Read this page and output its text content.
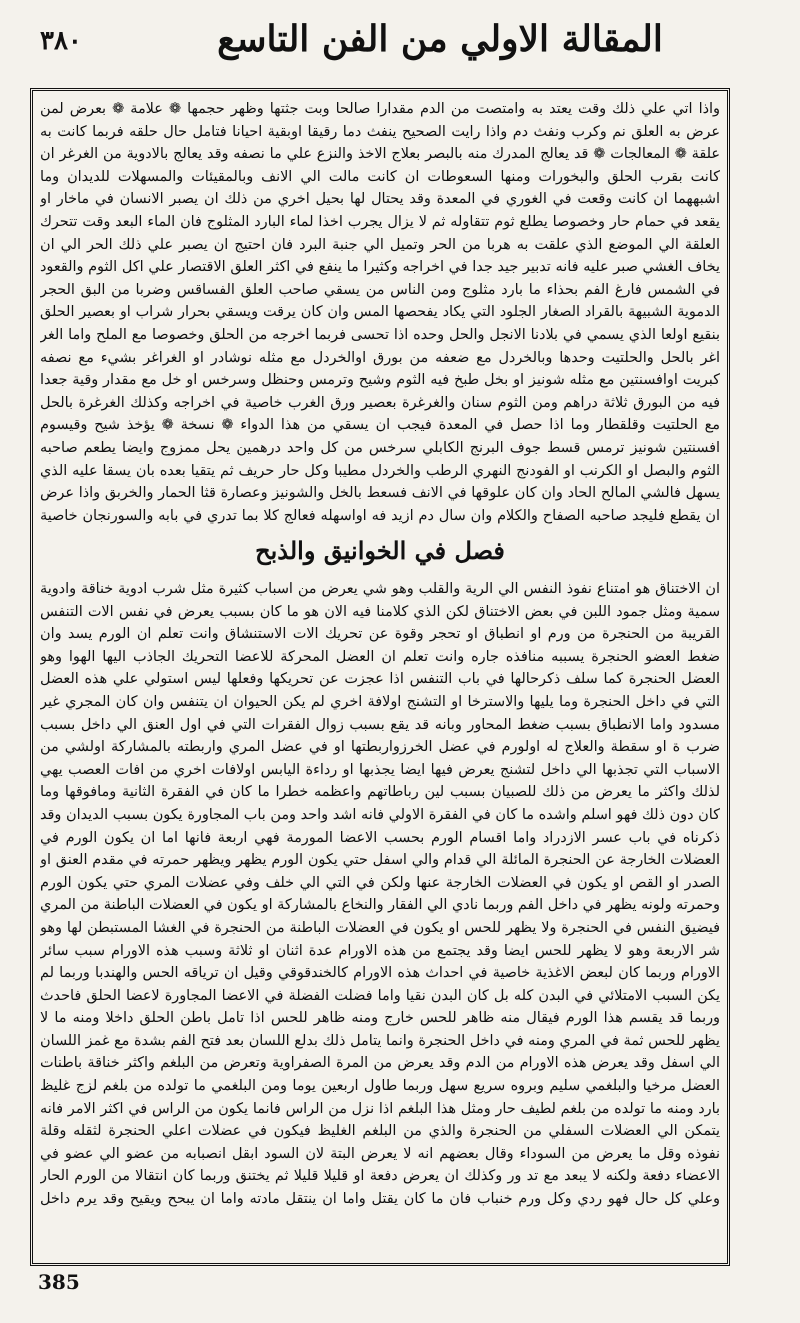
٣٨٠	المقالة الاولي من الفن التاسع

واذا اتي علي ذلك وقت يعتد به وامتصت من الدم مقدارا صالحا وبت جثتها وظهر حجمها ❁ علامة ❁ بعرض لمن عرض به العلق نم وكرب ونفث دم واذا رايت الصحيح ينفث دما رقيقا اوبقية احيانا فتامل حال حلقه فربما كانت به علقة ❁ المعالجات ❁ قد يعالج المدرك منه بالبصر بعلاج الاخذ والنزع علي ما نصفه وقد يعالج بالادوية من الغرغر ان كانت بقرب الحلق والبخورات ومنها السعوطات ان كانت مالت الي الانف وبالمقيئات والمسهلات للديدان وما اشبههما ان كانت وقعت في الغوري في المعدة وقد يحتال لها بحيل اخري من ذلك ان يصبر الانسان في ماخار او يقعد في حمام حار وخصوصا يطلع ثوم تتقاوله ثم لا يزال يجرب اخذا لماء البارد المثلوج فان الماء البعد وقت تتحرك العلقة الي الموضع الذي علقت به هربا من الحر وتميل الي جنبة البرد فان احتيج ان يصبر علي ذلك الحر الي ان يخاف الغشي صبر عليه فانه تدبير جيد جدا في اخراجه وكثيرا ما ينفع في اكثر العلق الاقتصار علي اكل الثوم والقعود في الشمس فارغ الفم بحذاء ما بارد مثلوج ومن الناس من يسقي صاحب العلق الفساقس وضربا من البق الحجر الدموية الشبيهة بالقراد الصغار الجلود التي يكاد يفحصها المس وان كان يرقت ويسقي بحرار شراب او بعصير الحلق بنقيع اولعا الذي يسمي في بلادنا الانجل والحل وحده اذا تحسى فربما اخرجه من الحلق وخصوصا مع الملح واما الغر اغر بالحل والحلتيت وحدها وبالخردل مع ضعفه من بورق اوالخردل مع مثله نوشادر او الغراغر بشيء مع نصفه كبريت اوافسنتين مع مثله شونيز او بخل طبخ فيه الثوم وشيح وترمس وحنظل وسرخس او خل مع مقدار وقية جعدا فيه من البورق ثلاثة دراهم ومن الثوم سنان والغرغرة بعصير ورق الغرب خاصية في اخراجه وكذلك الغرغرة بالحل مع الحلتيت وقلقطار وما اذا حصل في المعدة فيجب ان يسقي من هذا الدواء ❁ نسخة ❁ يؤخذ شيح وقيسوم افسنتين شونيز ترمس قسط جوف البرنج الكابلي سرخس من كل واحد درهمين يحل ممزوج وايضا يطعم صاحبه الثوم والبصل او الكرنب او الفودنج النهري الرطب والخردل مطيبا وكل حار حريف ثم يتقيا بعده بان يسقا عليه الذي يسهل فالشي المالح الحاد وان كان علوقها في الانف فسعط بالخل والشونيز وعصارة قثا الحمار والخربق واذا عرض ان يقطع فليجد صاحبه الصفاح والكلام وان سال دم ازيد فه اواسهله فعالج كلا بما تدري في بابه والسورنجان خاصية

فصل في الخوانيق والذبح

ان الاختناق هو امتناع نفوذ النفس الي الرية والقلب وهو شي يعرض من اسباب كثيرة مثل شرب ادوية خناقة وادوية سمية ومثل جمود اللبن في بعض الاختناق لكن الذي كلامنا فيه الان هو ما كان بسبب يعرض في نفس الات التنفس القريبة من الحنجرة من ورم او انطباق او تحجر وقوة عن تحريك الات الاستنشاق وانت تعلم ان الورم يسد وان ضغط العضو الحنجرة يسببه منافذه جاره وانت تعلم ان العضل المحركة للاعضا التحريك الجاذب اليها الهوا وهو العضل الحنجرة كما سلف ذكرحالها في باب التنفس اذا عجزت عن تحريكها وفعلها ليس استولي علي هذه العضل التي في داخل الحنجرة وما يليها والاسترخا او التشنج اولافة اخري لم يكن الحيوان ان يتنفس وان كان المجري غير مسدود واما الانطباق بسبب ضغط المحاور وبانه قد يقع بسبب زوال الفقرات التي في اول العنق الي داخل بسبب ضرب ة او سقطة والعلاج له اولورم في عضل الخرزواربطتها او في عضل المري واربطته بالمشاركة اولشي من الاسباب التي تجذبها الي داخل لتشنج يعرض فيها ايضا يجذبها او رداءة اليابس اولافات اخري من افات العصب يهي لذلك واكثر ما يعرض من ذلك للصبيان بسبب لين رباطاتهم واعظمه خطرا ما كان في الفقرة الثانية ومافوقها وما كان دون ذلك فهو اسلم واشده ما كان في الفقرة الاولي فانه اشد واحد ومن باب المجاورة يكون بسبب الديدان وقد ذكرناه في باب عسر الازدراد واما اقسام الورم بحسب الاعضا المورمة فهي اربعة فانها اما ان يكون الورم في العضلات الخارجة عن الحنجرة المائلة الي قدام والي اسفل حتي يكون الورم يظهر ويظهر حمرته في مقدم العنق او الصدر او القص او يكون في العضلات الخارجة عنها ولكن في التي الي خلف وفي عضلات المري حتي يكون الورم وحمرته ولونه يظهر في داخل الفم وربما نادي الي الفقار والنخاع بالمشاركة او يكون في العضلات الباطنة من المري فيضيق النفس في الحنجرة ولا يظهر للحس او يكون في العضلات الباطنة من الحنجرة في الغشا المستبطن لها وهو شر الاربعة وهو لا يظهر للحس ايضا وقد يجتمع من هذه الاورام عدة اثنان او ثلاثة وسبب هذه الاورام سبب سائر الاورام وربما كان لبعض الاغذية خاصية في احداث هذه الاورام كالخندقوقي وقيل ان ترياقه الحس والهندبا وربما لم يكن السبب الامتلائي في البدن كله بل كان البدن نقيا واما فضلت الفضلة في الاعضا المجاورة لاعضا الحلق فاحدث وربما قد يقسم هذا الورم فيقال منه ظاهر للحس خارج ومنه ظاهر للحس اذا تامل باطن الحلق داخلا ومنه ما لا يظهر للحس ثمة في المري ومنه في داخل الحنجرة وانما يتامل ذلك بدلع اللسان بعد فتح الفم بشدة مع غمز اللسان الي اسفل وقد يعرض هذه الاورام من الدم وقد يعرض من المرة الصفراوية وتعرض من البلغم واكثر خناقة باطنات العضل مرخيا والبلغمي سليم وبروه سريع سهل وربما طاول اربعين يوما ومن البلغمي ما تولده من بلغم لزج غليظ بارد ومنه ما تولده من بلغم لطيف حار ومثل هذا البلغم اذا نزل من الراس فانما يكون من الراس في اكثر الامر فانه يتمكن الي العضلات السفلي من الحنجرة والذي من البلغم الغليظ فيكون في عضلات اعلي الحنجرة لثقله وقلة نفوذه وقل ما يعرض من السوداء وقال بعضهم انه لا يعرض البتة لان السود ابقل انصبابه من عضو الي عضو في الاعضاء دفعة ولكنه لا يبعد مع تد ور وكذلك ان يعرض دفعة او قليلا قليلا ثم يختنق وربما كان انتقالا من الورم الحار وعلي كل حال فهو ردي وكل ورم خنباب فان ما كان يقتل واما ان ينتقل مادته واما ان يبحح ويقيح وقد يرم داخل

385
